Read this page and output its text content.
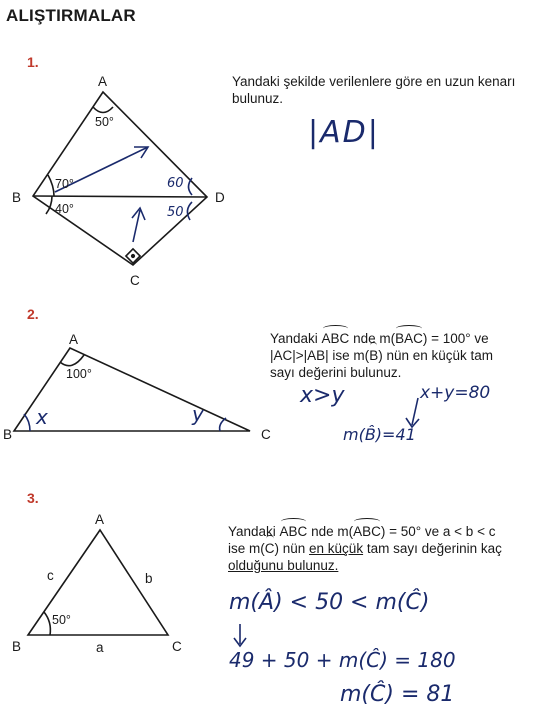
ALIŞTIRMALAR
1.
Yandaki şekilde verilenlere göre en uzun kenarı bulunuz.
A
B
C
D
50°
70°
40°
|AD|
60
50
2.
Yandaki ABC nde m(BAC) = 100° ve
|AC|>|AB| ise m(B) nün en küçük tam
sayı değerini bulunuz.
A
B	C
100°
x	y
x>y	x+y=80
m(B̂)=41
3.
Yandaki ABC nde m(ABC) = 50° ve a < b < c
ise m(C) nün en küçük tam sayı değerinin kaç
olduğunu bulunuz.
A
B	C
a
b
c
50°
m(Â) < 50 < m(Ĉ)
49 + 50 + m(Ĉ) = 180
m(Ĉ) = 81
